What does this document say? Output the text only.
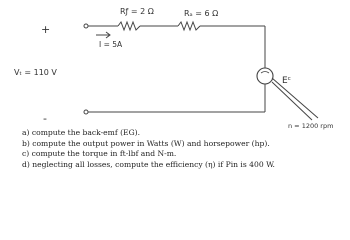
+
-
Vₜ = 110 V
I = 5A
Rƒ = 2 Ω	Rₐ = 6 Ω
Eᶜ
n = 1200 rpm
a) compute the back-emf (EG).
b) compute the output power in Watts (W) and horsepower (hp).
c) compute the torque in ft-lbf and N-m.
d) neglecting all losses, compute the efficiency (η) if Pin is 400 W.
